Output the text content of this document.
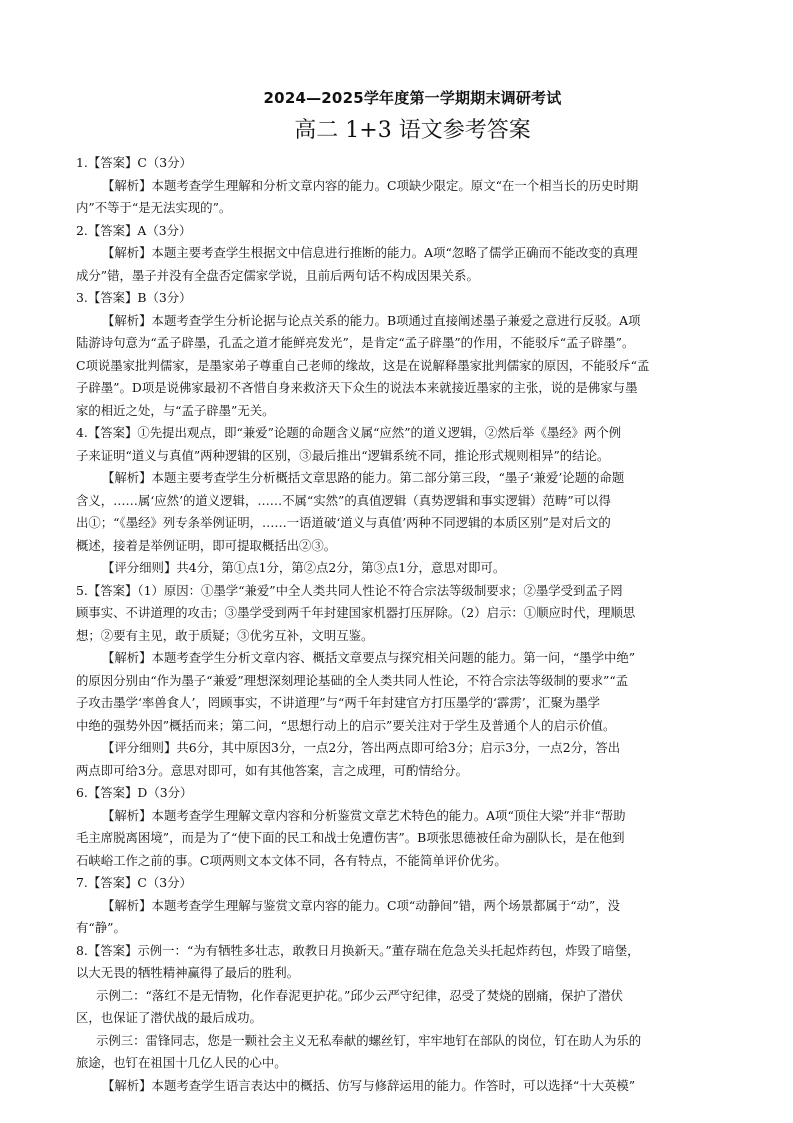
2024—2025学年度第一学期期末调研考试
高二 1+3 语文参考答案
1.【答案】C（3分）
【解析】本题考查学生理解和分析文章内容的能力。C项缺少限定。原文“在一个相当长的历史时期
内”不等于“是无法实现的”。
2.【答案】A（3分）
【解析】本题主要考查学生根据文中信息进行推断的能力。A项“忽略了儒学正确而不能改变的真理
成分”错，墨子并没有全盘否定儒家学说，且前后两句话不构成因果关系。
3.【答案】B（3分）
【解析】本题考查学生分析论据与论点关系的能力。B项通过直接阐述墨子兼爱之意进行反驳。A项
陆游诗句意为“孟子辟墨，孔孟之道才能鲜亮发光”，是肯定“孟子辟墨”的作用，不能驳斥“孟子辟墨”。
C项说墨家批判儒家，是墨家弟子尊重自己老师的缘故，这是在说解释墨家批判儒家的原因，不能驳斥“孟
子辟墨”。D项是说佛家最初不吝惜自身来救济天下众生的说法本来就接近墨家的主张，说的是佛家与墨
家的相近之处，与“孟子辟墨”无关。
4.【答案】①先提出观点，即“兼爱”论题的命题含义属“应然”的道义逻辑，②然后举《墨经》两个例
子来证明“道义与真值”两种逻辑的区别，③最后推出“逻辑系统不同，推论形式规则相异”的结论。
【解析】本题主要考查学生分析概括文章思路的能力。第二部分第三段，“墨子‘兼爱’论题的命题
含义，……属‘应然’的道义逻辑，……不属“实然”的真值逻辑（真势逻辑和事实逻辑）范畴”可以得
出①；“《墨经》列专条举例证明，……一语道破‘道义与真值’两种不同逻辑的本质区别”是对后文的
概述，接着是举例证明，即可提取概括出②③。
【评分细则】共4分，第①点1分，第②点2分，第③点1分，意思对即可。
5.【答案】（1）原因：①墨学“兼爱”中全人类共同人性论不符合宗法等级制要求；②墨学受到孟子罔
顾事实、不讲道理的攻击；③墨学受到两千年封建国家机器打压屏除。（2）启示：①顺应时代，理顺思
想；②要有主见，敢于质疑；③优劣互补，文明互鉴。
【解析】本题考查学生分析文章内容、概括文章要点与探究相关问题的能力。第一问，“墨学中绝”
的原因分别由“作为墨子“兼爱”理想深刻理论基础的全人类共同人性论，不符合宗法等级制的要求”“孟
子攻击墨学‘率兽食人’，罔顾事实，不讲道理”与“两千年封建官方打压墨学的‘霹雳’，汇聚为墨学
中绝的强势外因”概括而来；第二问，“思想行动上的启示”要关注对于学生及普通个人的启示价值。
【评分细则】共6分，其中原因3分，一点2分，答出两点即可给3分；启示3分，一点2分，答出
两点即可给3分。意思对即可，如有其他答案，言之成理，可酌情给分。
6.【答案】D（3分）
【解析】本题考查学生理解文章内容和分析鉴赏文章艺术特色的能力。A项“顶住大梁”并非“帮助
毛主席脱离困境”，而是为了“使下面的民工和战士免遭伤害”。B项张思德被任命为副队长，是在他到
石峡峪工作之前的事。C项两则文本文体不同，各有特点，不能简单评价优劣。
7.【答案】C（3分）
【解析】本题考查学生理解与鉴赏文章内容的能力。C项“动静间”错，两个场景都属于“动”，没
有“静”。
8.【答案】示例一：“为有牺牲多壮志，敢教日月换新天。”董存瑞在危急关头托起炸药包，炸毁了暗堡，
以大无畏的牺牲精神赢得了最后的胜利。
示例二：“落红不是无情物，化作春泥更护花。”邱少云严守纪律，忍受了焚烧的剧痛，保护了潜伏
区，也保证了潜伏战的最后成功。
示例三：雷锋同志，您是一颗社会主义无私奉献的螺丝钉，牢牢地钉在部队的岗位，钉在助人为乐的
旅途，也钉在祖国十几亿人民的心中。
【解析】本题考查学生语言表达中的概括、仿写与修辞运用的能力。作答时，可以选择“十大英模”
